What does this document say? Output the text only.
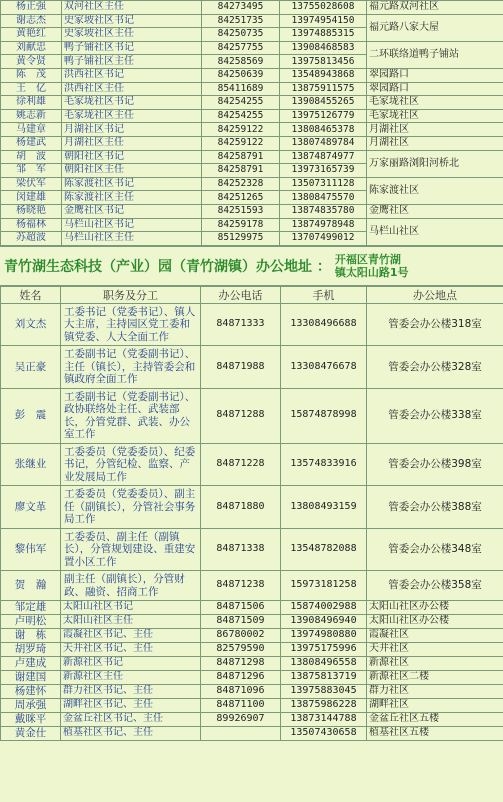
杨正强	双河社区主任	84273495	13755028608	福元路双河社区
谢志杰	史家坡社区书记	84251735	13974954150	福元路八家大屋
黄艳红	史家坡社区主任	84250735	13974885315	
刘献忠	鸭子铺社区书记	84257755	13908468583	二环联络道鸭子铺站
黄令贤	鸭子铺社区主任	84258569	13975813456	
陈　茂	洪西社区书记	84250639	13548943868	翠园路口
王　亿	洪西社区主任	85411689	13875911575	翠园路口
徐利雄	毛家垅社区书记	84254255	13908455265	毛家垅社区
姚志新	毛家垅社区主任	84254255	13975126779	毛家垅社区
马建章	月湖社区书记	84259122	13808465378	月湖社区
杨建武	月湖社区主任	84259122	13807489784	月湖社区
胡　波	朝阳社区书记	84258791	13874874977	万家丽路浏阳河桥北
邹　军	朝阳社区主任	84258791	13973165739	
梁伏军	陈家渡社区书记	84252328	13507311128	陈家渡社区
闵建雄	陈家渡社区主任	84251265	13808475570	
杨晓艳	金鹰社区书记	84251593	13874835780	金鹰社区
杨福林	马栏山社区书记	84259178	13874978948	马栏山社区
苏超波	马栏山社区主任	85129975	13707499012	
青竹湖生态科技（产业）园（青竹湖镇）办公地址 ： 开福区青竹湖
镇太阳山路1号
姓名	职务及分工	办公电话	手机	办公地点
刘文杰	工委书记（党委书记）、镇人大主席，主持园区党工委和镇党委、人大全面工作	84871333	13308496688	管委会办公楼318室
吴正豪	工委副书记（党委副书记）、主任（镇长），主持管委会和镇政府全面工作	84871988	13308476678	管委会办公楼328室
彭　震	工委副书记（党委副书记）、政协联络处主任、武装部长，分管党群、武装、办公室工作	84871288	15874878998	管委会办公楼338室
张继业	工委委员（党委委员）、纪委书记，分管纪检、监察、产业发展局工作	84871228	13574833916	管委会办公楼398室
廖文革	工委委员（党委委员）、副主任（副镇长），分管社会事务局工作	84871880	13808493159	管委会办公楼388室
黎伟军	工委委员、副主任（副镇长），分管规划建设、重建安置小区工作	84871338	13548782088	管委会办公楼348室
贺　瀚	副主任（副镇长），分管财政、融资、招商工作	84871238	15973181258	管委会办公楼358室
邹定雄	太阳山社区书记	84871506	15874002988	太阳山社区办公楼
卢明松	太阳山社区主任	84871509	13908496940	太阳山社区办公楼
谢　栋	霞凝社区书记、主任	86780002	13974980880	霞凝社区
胡罗琦	天井社区书记、主任	82579590	13975175996	天井社区
卢建成	新源社区书记	84871298	13808496558	新源社区
谢建国	新源社区主任	84871296	13875813719	新源社区二楼
杨建怀	群力社区书记、主任	84871096	13975883045	群力社区
周承强	湖畔社区书记、主任	84871100	13875986228	湖畔社区
戴咪平	金盆丘社区书记、主任	89926907	13873144788	金盆丘社区五楼
黄金仕	植基社区书记、主任		13507430658	植基社区五楼
